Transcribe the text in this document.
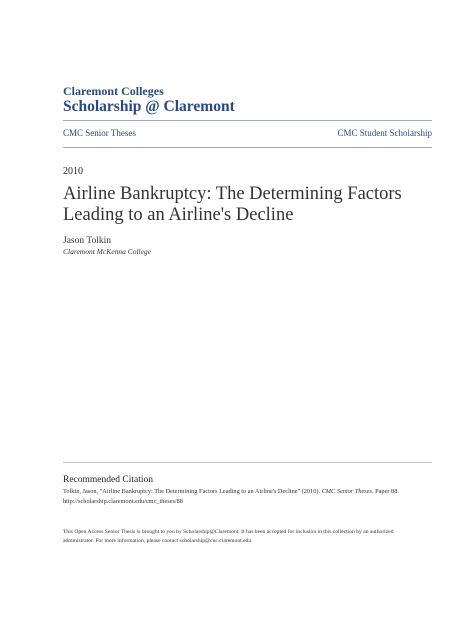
Claremont Colleges
Scholarship @ Claremont
CMC Senior Theses	CMC Student Scholarship
2010
Airline Bankruptcy: The Determining Factors
Leading to an Airline's Decline
Jason Tolkin
Claremont McKenna College
Recommended Citation
Tolkin, Jason, "Airline Bankruptcy: The Determining Factors Leading to an Airline's Decline" (2010). CMC Senior Theses. Paper 88.
http://scholarship.claremont.edu/cmc_theses/88
This Open Access Senior Thesis is brought to you by Scholarship@Claremont. It has been accepted for inclusion in this collection by an authorized
administrator. For more information, please contact scholarship@cuc.claremont.edu.
